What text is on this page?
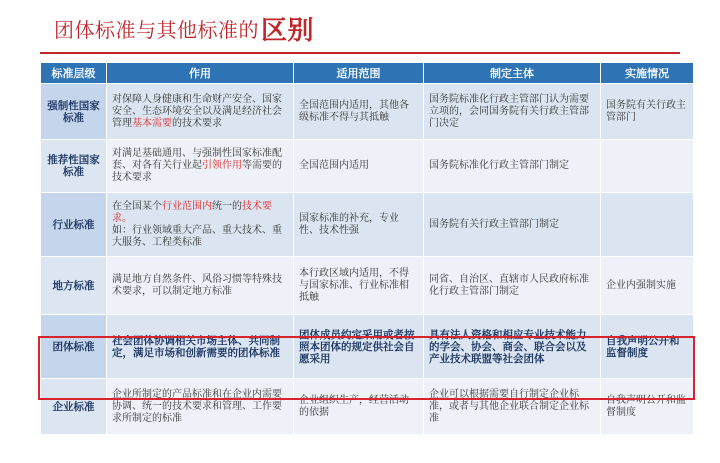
团体标准与其他标准的区别
标准层级	作用	适用范围	制定主体	实施情况
强制性国家标准	对保障人身健康和生命财产安全、国家安全、生态环境安全以及满足经济社会管理基本需要的技术要求	全国范围内适用，其他各级标准不得与其抵触	国务院标准化行政主管部门认为需要立项的，会同国务院有关行政主管部门决定	国务院有关行政主管部门
推荐性国家标准	对满足基础通用、与强制性国家标准配套、对各有关行业起引领作用等需要的技术要求	全国范围内适用	国务院标准化行政主管部门制定	
行业标准	在全国某个行业范围内统一的技术要求。
如：行业领域重大产品、重大技术、重大服务、工程类标准	国家标准的补充，专业性、技术性强	国务院有关行政主管部门制定	
地方标准	满足地方自然条件、风俗习惯等特殊技术要求，可以制定地方标准	本行政区域内适用，不得与国家标准、行业标准相抵触	同省、自治区、直辖市人民政府标准化行政主管部门制定	企业内强制实施
团体标准	社会团体协调相关市场主体、共同制定，满足市场和创新需要的团体标准	团体成员约定采用或者按照本团体的规定供社会自愿采用	具有法人资格和相应专业技术能力的学会、协会、商会、联合会以及产业技术联盟等社会团体	自我声明公开和监督制度
企业标准	企业所制定的产品标准和在企业内需要协调、统一的技术要求和管理、工作要求所制定的标准	企业组织生产，经营活动的依据	企业可以根据需要自行制定企业标准，或者与其他企业联合制定企业标准	自我声明公开和监督制度
